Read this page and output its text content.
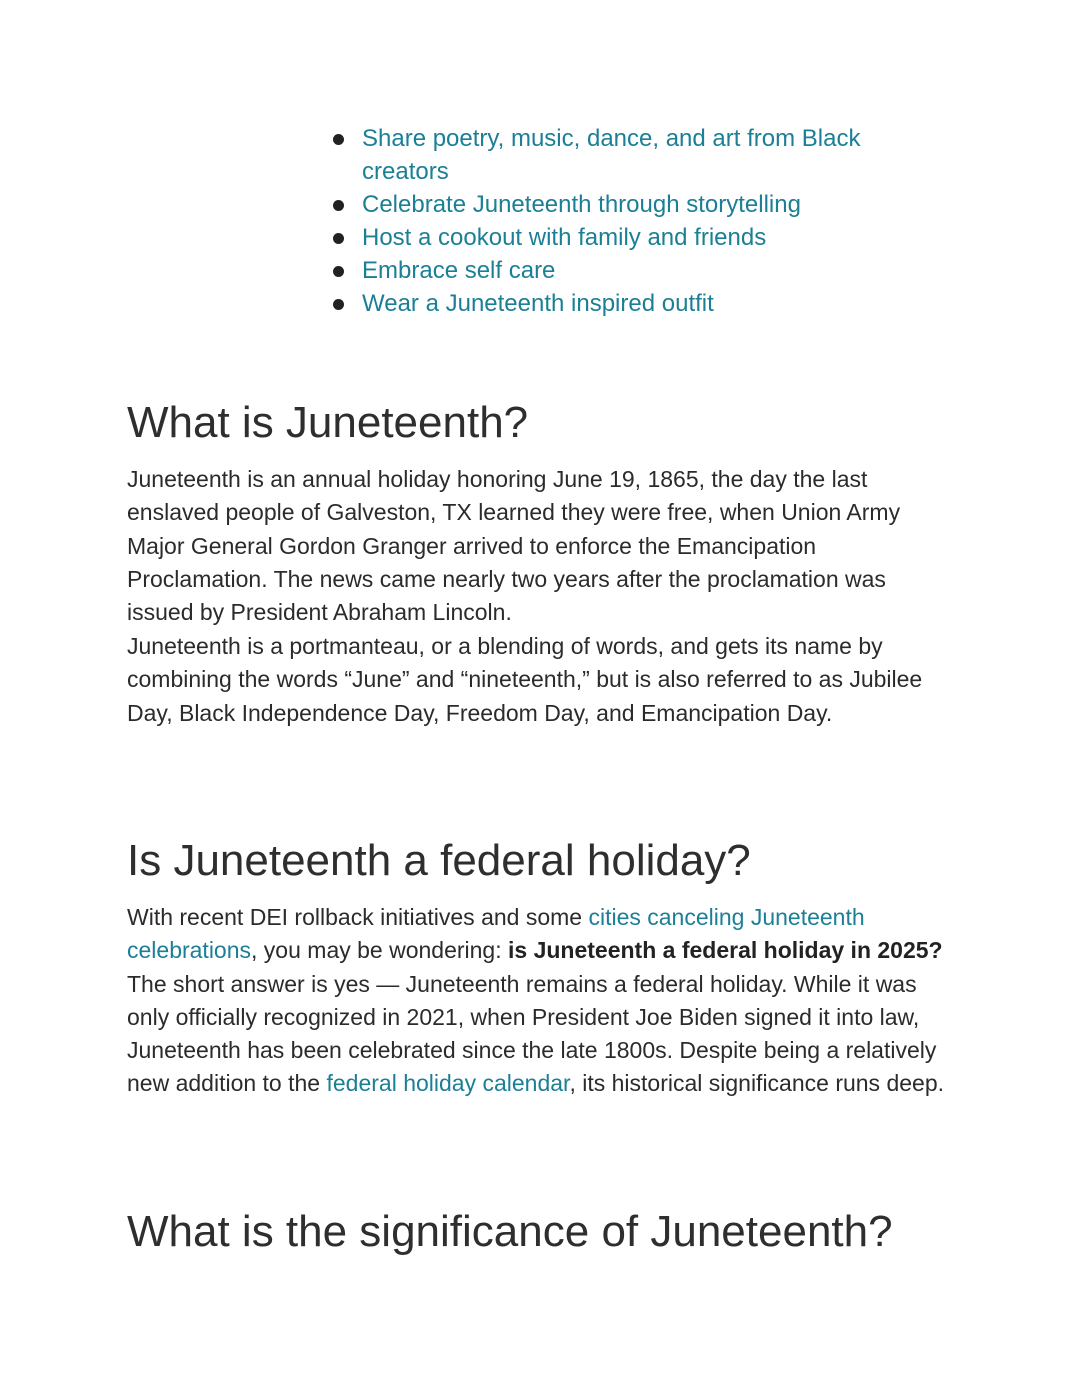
Share poetry, music, dance, and art from Black creators
Celebrate Juneteenth through storytelling
Host a cookout with family and friends
Embrace self care
Wear a Juneteenth inspired outfit
What is Juneteenth?

Juneteenth is an annual holiday honoring June 19, 1865, the day the last enslaved people of Galveston, TX learned they were free, when Union Army Major General Gordon Granger arrived to enforce the Emancipation Proclamation. The news came nearly two years after the proclamation was issued by President Abraham Lincoln.

Juneteenth is a portmanteau, or a blending of words, and gets its name by combining the words “June” and “nineteenth,” but is also referred to as Jubilee Day, Black Independence Day, Freedom Day, and Emancipation Day.

Is Juneteenth a federal holiday?

With recent DEI rollback initiatives and some cities canceling Juneteenth celebrations, you may be wondering: is Juneteenth a federal holiday in 2025? The short answer is yes — Juneteenth remains a federal holiday. While it was only officially recognized in 2021, when President Joe Biden signed it into law, Juneteenth has been celebrated since the late 1800s. Despite being a relatively new addition to the federal holiday calendar, its historical significance runs deep.

What is the significance of Juneteenth?
